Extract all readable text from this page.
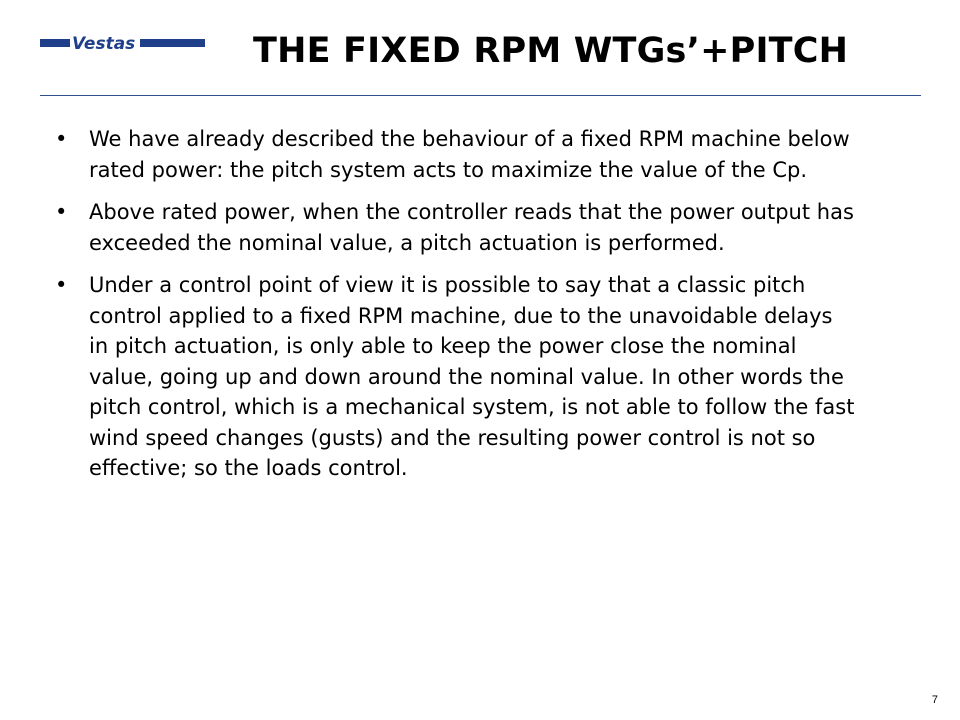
Vestas	THE FIXED RPM WTGs’+PITCH
•	We have already described the behaviour of a fixed RPM machine below rated power: the pitch system acts to maximize the value of the Cp.
•	Above rated power, when the controller reads that the power output has exceeded the nominal value, a pitch actuation is performed.
•	Under a control point of view it is possible to say that a classic pitch control applied to a fixed RPM machine, due to the unavoidable delays in pitch actuation, is only able to keep the power close the nominal value, going up and down around the nominal value. In other words the pitch control, which is a mechanical system, is not able to follow the fast wind speed changes (gusts) and the resulting power control is not so effective; so the loads control.
7
